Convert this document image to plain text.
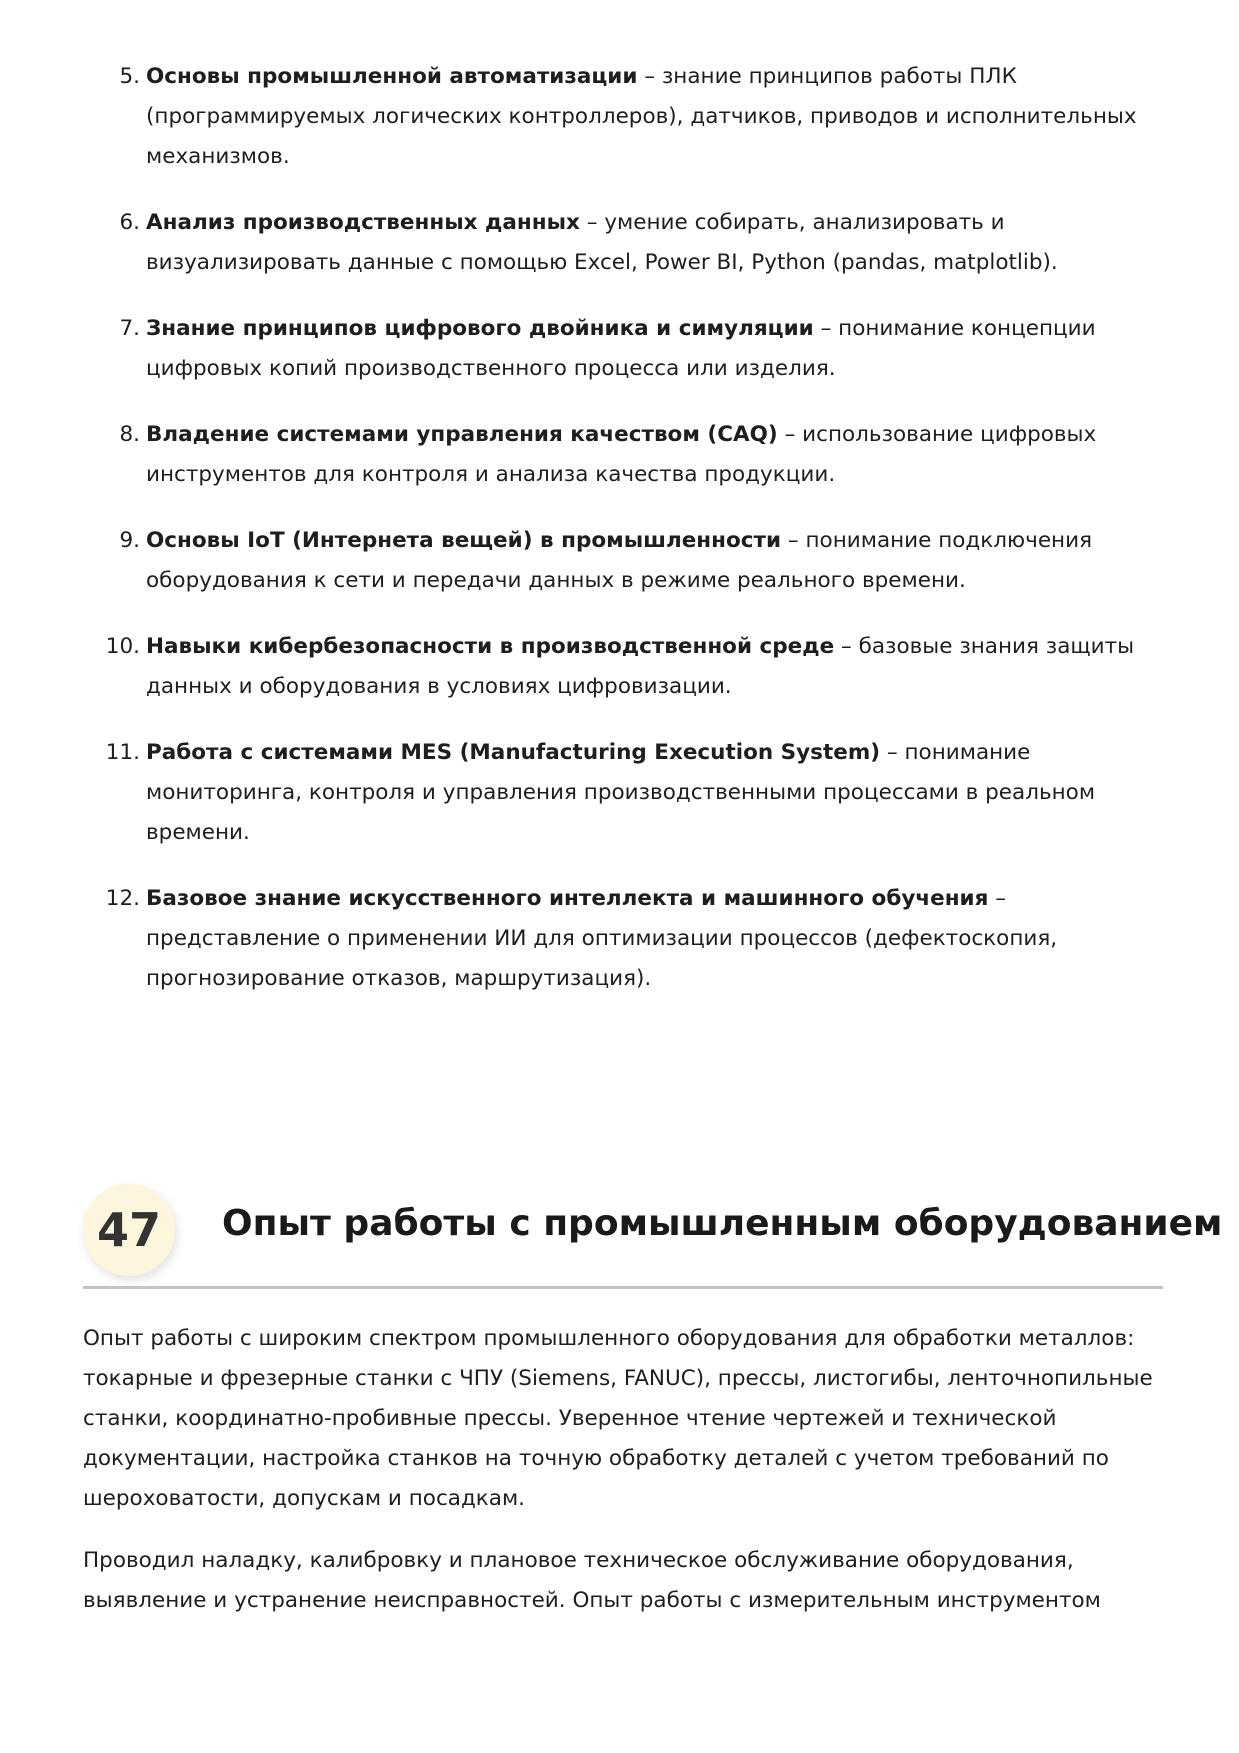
5. Основы промышленной автоматизации – знание принципов работы ПЛК (программируемых логических контроллеров), датчиков, приводов и исполнительных механизмов.
6. Анализ производственных данных – умение собирать, анализировать и визуализировать данные с помощью Excel, Power BI, Python (pandas, matplotlib).
7. Знание принципов цифрового двойника и симуляции – понимание концепции цифровых копий производственного процесса или изделия.
8. Владение системами управления качеством (CAQ) – использование цифровых инструментов для контроля и анализа качества продукции.
9. Основы IoT (Интернета вещей) в промышленности – понимание подключения оборудования к сети и передачи данных в режиме реального времени.
10. Навыки кибербезопасности в производственной среде – базовые знания защиты данных и оборудования в условиях цифровизации.
11. Работа с системами MES (Manufacturing Execution System) – понимание мониторинга, контроля и управления производственными процессами в реальном времени.
12. Базовое знание искусственного интеллекта и машинного обучения – представление о применении ИИ для оптимизации процессов (дефектоскопия, прогнозирование отказов, маршрутизация).
47	Опыт работы с промышленным оборудованием

Опыт работы с широким спектром промышленного оборудования для обработки металлов: токарные и фрезерные станки с ЧПУ (Siemens, FANUC), прессы, листогибы, ленточнопильные станки, координатно-пробивные прессы. Уверенное чтение чертежей и технической документации, настройка станков на точную обработку деталей с учетом требований по шероховатости, допускам и посадкам.

Проводил наладку, калибровку и плановое техническое обслуживание оборудования, выявление и устранение неисправностей. Опыт работы с измерительным инструментом
